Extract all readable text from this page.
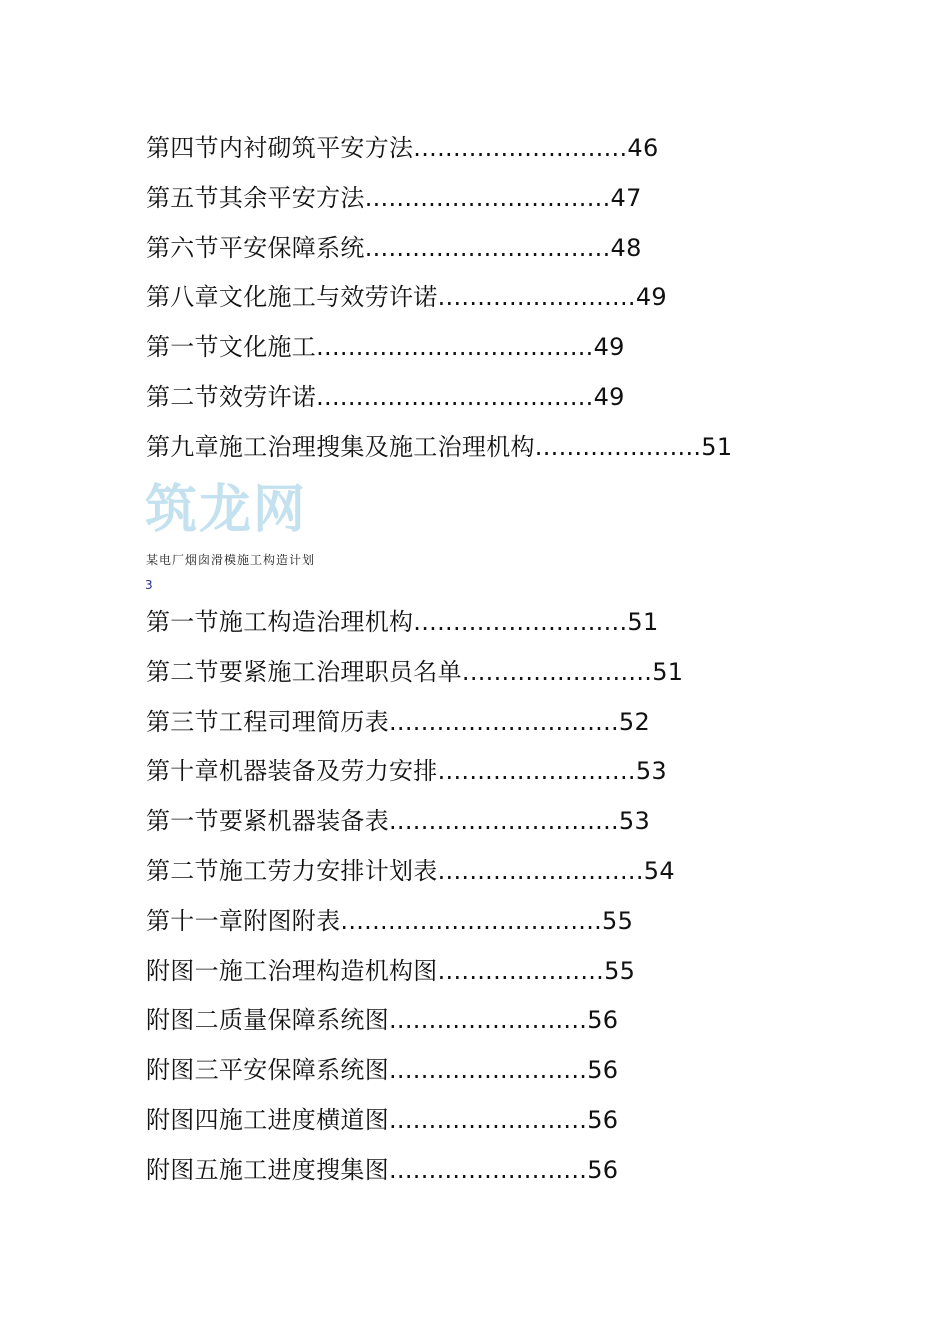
第四节内衬砌筑平安方法...........................46
第五节其余平安方法...............................47
第六节平安保障系统...............................48
第八章文化施工与效劳许诺.........................49
第一节文化施工...................................49
第二节效劳许诺...................................49
第九章施工治理搜集及施工治理机构.....................51
筑龙网
某电厂烟囱滑模施工构造计划
3
第一节施工构造治理机构...........................51
第二节要紧施工治理职员名单........................51
第三节工程司理简历表.............................52
第十章机器装备及劳力安排.........................53
第一节要紧机器装备表.............................53
第二节施工劳力安排计划表..........................54
第十一章附图附表.................................55
附图一施工治理构造机构图.....................55
附图二质量保障系统图.........................56
附图三平安保障系统图.........................56
附图四施工进度横道图.........................56
附图五施工进度搜集图.........................56
